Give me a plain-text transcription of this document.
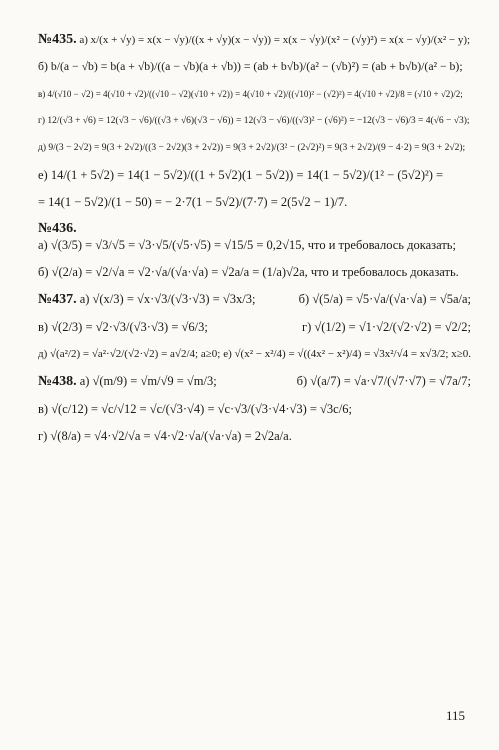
№435. а) x/(x + √y) = x(x − √y)/((x + √y)(x − √y)) = x(x − √y)/(x² − (√y)²) = x(x − √y)/(x² − y);
б) b/(a − √b) = b(a + √b)/((a − √b)(a + √b)) = (ab + b√b)/(a² − (√b)²) = (ab + b√b)/(a² − b);
в) 4/(√10 − √2) = 4(√10 + √2)/((√10 − √2)(√10 + √2)) = 4(√10 + √2)/((√10)² − (√2)²) = 4(√10 + √2)/8 = (√10 + √2)/2;
г) 12/(√3 + √6) = 12(√3 − √6)/((√3 + √6)(√3 − √6)) = 12(√3 − √6)/((√3)² − (√6)²) = −12(√3 − √6)/3 = 4(√6 − √3);
д) 9/(3 − 2√2) = 9(3 + 2√2)/((3 − 2√2)(3 + 2√2)) = 9(3 + 2√2)/(3² − (2√2)²) = 9(3 + 2√2)/(9 − 4·2) = 9(3 + 2√2);
е) 14/(1 + 5√2) = 14(1 − 5√2)/((1 + 5√2)(1 − 5√2)) = 14(1 − 5√2)/(1² − (5√2)²) =
= 14(1 − 5√2)/(1 − 50) = − 2·7(1 − 5√2)/(7·7) = 2(5√2 − 1)/7.
№436.
а) √(3/5) = √3/√5 = √3·√5/(√5·√5) = √15/5 = 0,2√15, что и требовалось доказать;
б) √(2/a) = √2/√a = √2·√a/(√a·√a) = √2a/a = (1/a)√2a, что и требовалось доказать.
№437. а) √(x/3) = √x·√3/(√3·√3) = √3x/3;	б) √(5/a) = √5·√a/(√a·√a) = √5a/a;
в) √(2/3) = √2·√3/(√3·√3) = √6/3;	г) √(1/2) = √1·√2/(√2·√2) = √2/2;
д) √(a²/2) = √a²·√2/(√2·√2) = a√2/4; a≥0; е) √(x² − x²/4) = √((4x² − x²)/4) = √3x²/√4 = x√3/2; x≥0.
№438. а) √(m/9) = √m/√9 = √m/3;	б) √(a/7) = √a·√7/(√7·√7) = √7a/7;
в) √(c/12) = √c/√12 = √c/(√3·√4) = √c·√3/(√3·√4·√3) = √3c/6;
г) √(8/a) = √4·√2/√a = √4·√2·√a/(√a·√a) = 2√2a/a.
115
